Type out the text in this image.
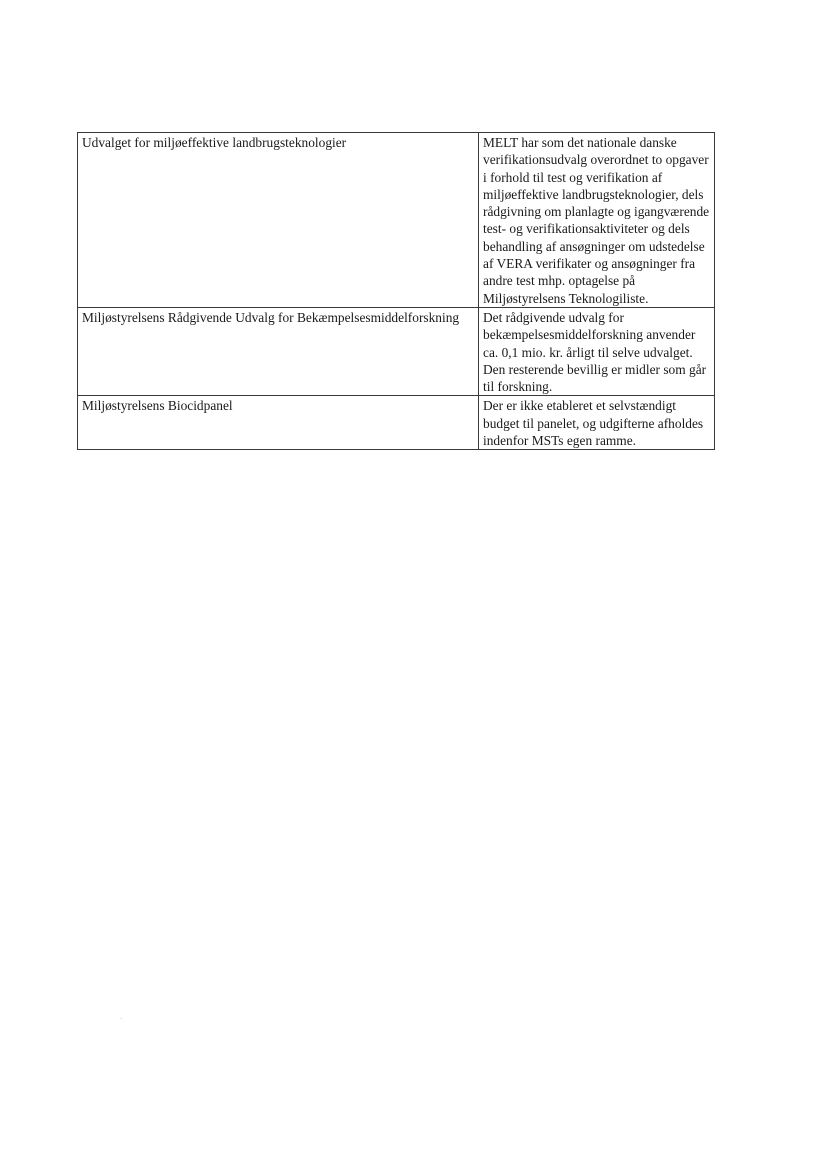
Udvalget for miljøeffektive landbrugsteknologier	MELT har som det nationale danske verifikationsudvalg overordnet to opgaver i forhold til test og verifikation af miljøeffektive landbrugsteknologier, dels rådgivning om planlagte og igangværende test- og verifikationsaktiviteter og dels behandling af ansøgninger om udstedelse af VERA verifikater og ansøgninger fra andre test mhp. optagelse på Miljøstyrelsens Teknologiliste.
Miljøstyrelsens Rådgivende Udvalg for Bekæmpelsesmiddelforskning	Det rådgivende udvalg for bekæmpelsesmiddelforskning anvender ca. 0,1 mio. kr. årligt til selve udvalget. Den resterende bevillig er midler som går til forskning.
Miljøstyrelsens Biocidpanel	Der er ikke etableret et selvstændigt budget til panelet, og udgifterne afholdes indenfor MSTs egen ramme.
